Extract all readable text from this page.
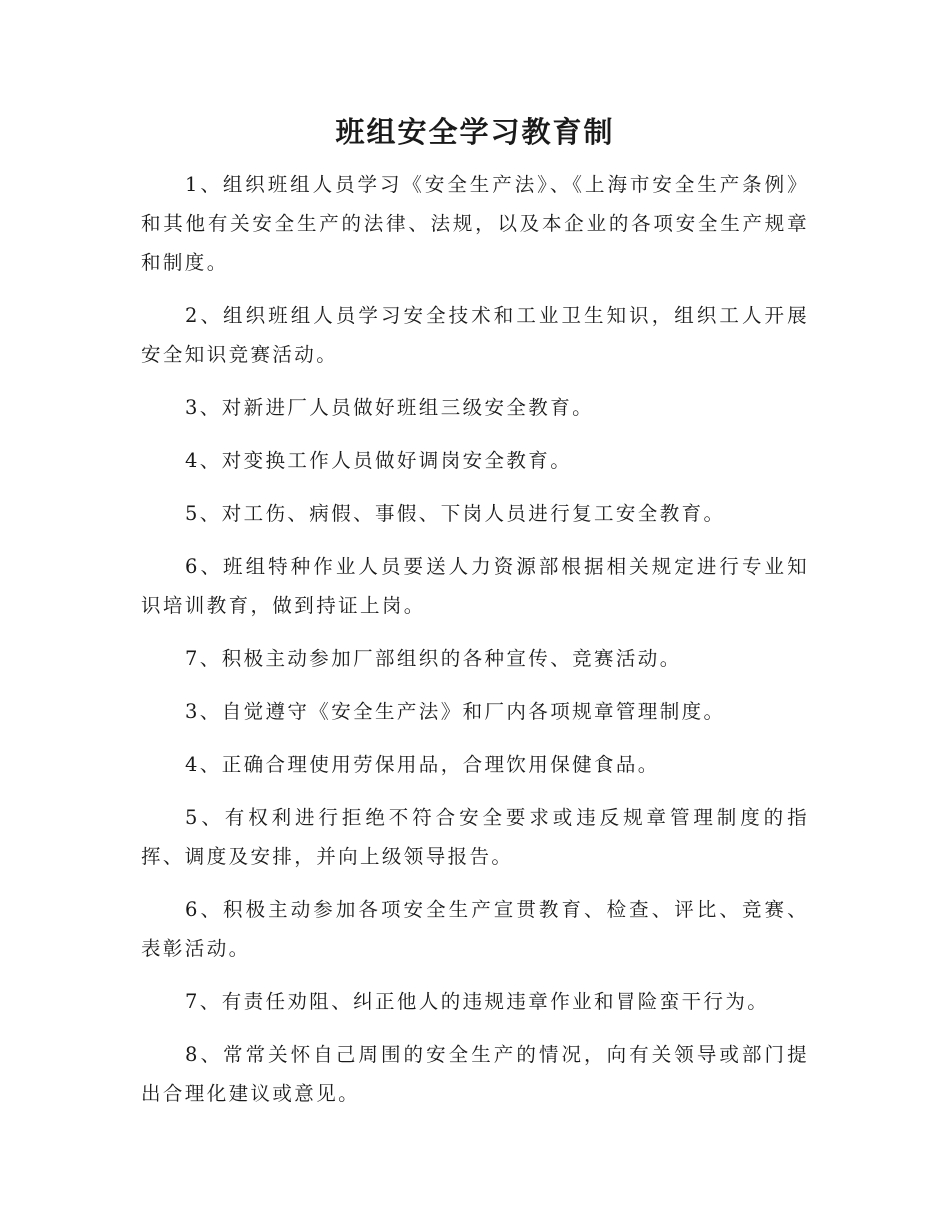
班组安全学习教育制

1、组织班组人员学习《安全生产法》、《上海市安全生产条例》和其他有关安全生产的法律、法规，以及本企业的各项安全生产规章和制度。

2、组织班组人员学习安全技术和工业卫生知识，组织工人开展安全知识竞赛活动。

3、对新进厂人员做好班组三级安全教育。

4、对变换工作人员做好调岗安全教育。

5、对工伤、病假、事假、下岗人员进行复工安全教育。

6、班组特种作业人员要送人力资源部根据相关规定进行专业知识培训教育，做到持证上岗。

7、积极主动参加厂部组织的各种宣传、竞赛活动。

3、自觉遵守《安全生产法》和厂内各项规章管理制度。

4、正确合理使用劳保用品，合理饮用保健食品。

5、有权利进行拒绝不符合安全要求或违反规章管理制度的指挥、调度及安排，并向上级领导报告。

6、积极主动参加各项安全生产宣贯教育、检查、评比、竞赛、表彰活动。

7、有责任劝阻、纠正他人的违规违章作业和冒险蛮干行为。

8、常常关怀自己周围的安全生产的情况，向有关领导或部门提出合理化建议或意见。
